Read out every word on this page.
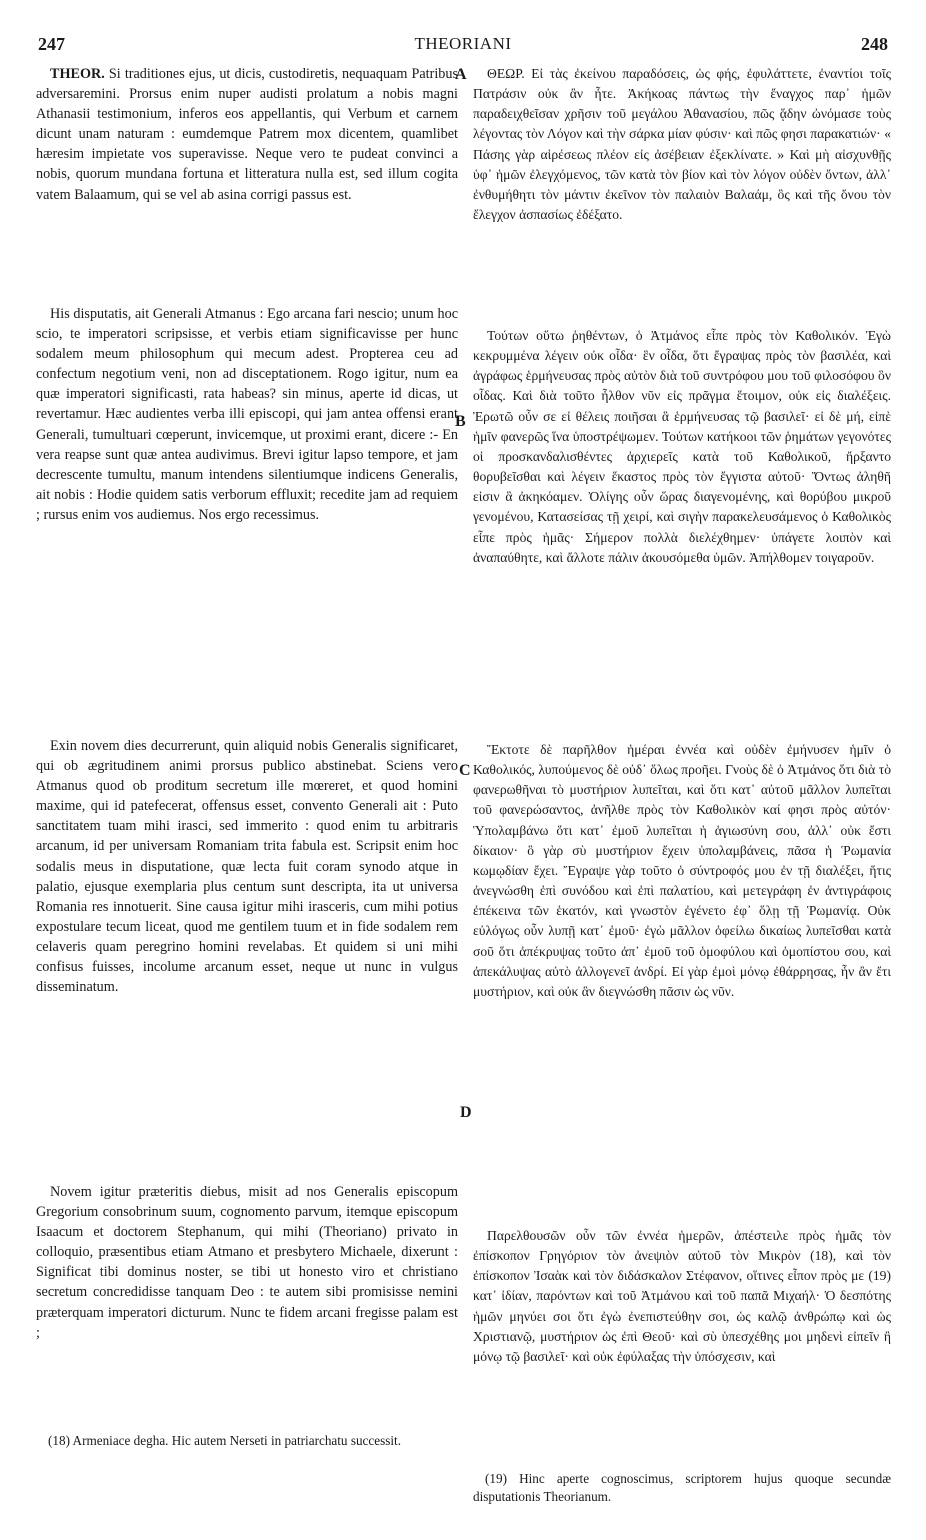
247	THEORIANI	248
A
B
C
D

THEOR. Si traditiones ejus, ut dicis, custodiretis, nequaquam Patribus adversaremini. Prorsus enim nuper audisti prolatum a nobis magni Athanasii testimonium, inferos eos appellantis, qui Verbum et carnem dicunt unam naturam : eumdemque Patrem mox dicentem, quamlibet hæresim impietate vos superavisse. Neque vero te pudeat convinci a nobis, quorum mundana fortuna et litteratura nulla est, sed illum cogita vatem Balaamum, qui se vel ab asina corrigi passus est.

His disputatis, ait Generali Atmanus : Ego arcana fari nescio; unum hoc scio, te imperatori scripsisse, et verbis etiam significavisse per hunc sodalem meum philosophum qui mecum adest. Propterea ceu ad confectum negotium veni, non ad disceptationem. Rogo igitur, num ea quæ imperatori significasti, rata habeas? sin minus, aperte id dicas, ut revertamur. Hæc audientes verba illi episcopi, qui jam antea offensi erant Generali, tumultuari cœperunt, invicemque, ut proximi erant, dicere :- En vera reapse sunt quæ antea audivimus. Brevi igitur lapso tempore, et jam decrescente tumultu, manum intendens silentiumque indicens Generalis, ait nobis : Hodie quidem satis verborum effluxit; recedite jam ad requiem ; rursus enim vos audiemus. Nos ergo recessimus.

Exin novem dies decurrerunt, quin aliquid nobis Generalis significaret, qui ob ægritudinem animi prorsus publico abstinebat. Sciens vero Atmanus quod ob proditum secretum ille mœreret, et quod homini maxime, qui id patefecerat, offensus esset, convento Generali ait : Puto sanctitatem tuam mihi irasci, sed immerito : quod enim tu arbitraris arcanum, id per universam Romaniam trita fabula est. Scripsit enim hoc sodalis meus in disputatione, quæ lecta fuit coram synodo atque in palatio, ejusque exemplaria plus centum sunt descripta, ita ut universa Romania res innotuerit. Sine causa igitur mihi irasceris, cum mihi potius expostulare tecum liceat, quod me gentilem tuum et in fide sodalem rem celaveris quam peregrino homini revelabas. Et quidem si uni mihi confisus fuisses, incolume arcanum esset, neque ut nunc in vulgus disseminatum.

Novem igitur præteritis diebus, misit ad nos Generalis episcopum Gregorium consobrinum suum, cognomento parvum, itemque episcopum Isaacum et doctorem Stephanum, qui mihi (Theoriano) privato in colloquio, præsentibus etiam Atmano et presbytero Michaele, dixerunt : Significat tibi dominus noster, se tibi ut honesto viro et christiano secretum concredidisse tanquam Deo : te autem sibi promisisse nemini præterquam imperatori dicturum. Nunc te fidem arcani fregisse palam est ;

(18) Armeniace degha. Hic autem Nerseti in patriarchatu successit.

ΘΕΩΡ. Εἰ τὰς ἐκείνου παραδόσεις, ὡς φής, ἐφυλάττετε, ἐναντίοι τοῖς Πατράσιν οὐκ ἂν ἦτε. Ἀκήκοας πάντως τὴν ἔναγχος παρ᾽ ἡμῶν παραδειχθεῖσαν χρῆσιν τοῦ μεγάλου Ἀθανασίου, πῶς ᾅδην ὠνόμασε τοὺς λέγοντας τὸν Λόγον καὶ τὴν σάρκα μίαν φύσιν· καὶ πῶς φησι παρακατιών· « Πάσης γὰρ αἱρέσεως πλέον εἰς ἀσέβειαν ἐξεκλίνατε. » Καὶ μὴ αἰσχυνθῇς ὑφ᾽ ἡμῶν ἐλεγχόμενος, τῶν κατὰ τὸν βίον καὶ τὸν λόγον οὐδὲν ὄντων, ἀλλ᾽ ἐνθυμήθητι τὸν μάντιν ἐκεῖνον τὸν παλαιὸν Βαλαάμ, ὃς καὶ τῆς ὄνου τὸν ἔλεγχον ἀσπασίως ἐδέξατο.

Τούτων οὕτω ῥηθέντων, ὁ Ἀτμάνος εἶπε πρὸς τὸν Καθολικόν. Ἐγὼ κεκρυμμένα λέγειν οὐκ οἶδα· ἓν οἶδα, ὅτι ἔγραψας πρὸς τὸν βασιλέα, καὶ ἀγράφως ἑρμήνευσας πρὸς αὐτὸν διὰ τοῦ συντρόφου μου τοῦ φιλοσόφου ὃν οἶδας. Καὶ διὰ τοῦτο ἦλθον νῦν εἰς πρᾶγμα ἕτοιμον, οὐκ εἰς διαλέξεις. Ἐρωτῶ οὖν σε εἰ θέλεις ποιῆσαι ἃ ἑρμήνευσας τῷ βασιλεῖ· εἰ δὲ μή, εἰπὲ ἡμῖν φανερῶς ἵνα ὑποστρέψωμεν. Τούτων κατήκοοι τῶν ῥημάτων γεγονότες οἱ προσκανδαλισθέντες ἀρχιερεῖς κατὰ τοῦ Καθολικοῦ, ἤρξαντο θορυβεῖσθαι καὶ λέγειν ἕκαστος πρὸς τὸν ἔγγιστα αὐτοῦ· Ὄντως ἀληθῆ εἰσιν ἃ ἀκηκόαμεν. Ὀλίγης οὖν ὥρας διαγενομένης, καὶ θορύβου μικροῦ γενομένου, Κατασείσας τῇ χειρί, καὶ σιγὴν παρακελευσάμενος ὁ Καθολικὸς εἶπε πρὸς ἡμᾶς· Σήμερον πολλὰ διελέχθημεν· ὑπάγετε λοιπὸν καὶ ἀναπαύθητε, καὶ ἄλλοτε πάλιν ἀκουσόμεθα ὑμῶν. Ἀπήλθομεν τοιγαροῦν.

Ἔκτοτε δὲ παρῆλθον ἡμέραι ἐννέα καὶ οὐδὲν ἐμήνυσεν ἡμῖν ὁ Καθολικός, λυπούμενος δὲ οὐδ᾽ ὅλως προῆει. Γνοὺς δὲ ὁ Ἀτμάνος ὅτι διὰ τὸ φανερωθῆναι τὸ μυστήριον λυπεῖται, καὶ ὅτι κατ᾽ αὐτοῦ μᾶλλον λυπεῖται τοῦ φανερώσαντος, ἀνῆλθε πρὸς τὸν Καθολικὸν καί φησι πρὸς αὐτόν· Ὑπολαμβάνω ὅτι κατ᾽ ἐμοῦ λυπεῖται ἡ ἁγιωσύνη σου, ἀλλ᾽ οὐκ ἔστι δίκαιον· ὃ γὰρ σὺ μυστήριον ἔχειν ὑπολαμβάνεις, πᾶσα ἡ Ῥωμανία κωμῳδίαν ἔχει. Ἔγραψε γὰρ τοῦτο ὁ σύντροφός μου ἐν τῇ διαλέξει, ἥτις ἀνεγνώσθη ἐπὶ συνόδου καὶ ἐπὶ παλατίου, καὶ μετεγράφη ἐν ἀντιγράφοις ἐπέκεινα τῶν ἑκατόν, καὶ γνωστὸν ἐγένετο ἐφ᾽ ὅλῃ τῇ Ῥωμανίᾳ. Οὐκ εὐλόγως οὖν λυπῇ κατ᾽ ἐμοῦ· ἐγὼ μᾶλλον ὀφείλω δικαίως λυπεῖσθαι κατὰ σοῦ ὅτι ἀπέκρυψας τοῦτο ἀπ᾽ ἐμοῦ τοῦ ὁμοφύλου καὶ ὁμοπίστου σου, καὶ ἀπεκάλυψας αὐτὸ ἀλλογενεῖ ἀνδρί. Εἰ γὰρ ἐμοὶ μόνῳ ἐθάρρησας, ἦν ἂν ἔτι μυστήριον, καὶ οὐκ ἂν διεγνώσθη πᾶσιν ὡς νῦν.

Παρελθουσῶν οὖν τῶν ἐννέα ἡμερῶν, ἀπέστειλε πρὸς ἡμᾶς τὸν ἐπίσκοπον Γρηγόριον τὸν ἀνεψιὸν αὐτοῦ τὸν Μικρὸν (18), καὶ τὸν ἐπίσκοπον Ἰσαὰκ καὶ τὸν διδάσκαλον Στέφανον, οἵτινες εἶπον πρὸς με (19) κατ᾽ ἰδίαν, παρόντων καὶ τοῦ Ἀτμάνου καὶ τοῦ παπᾶ Μιχαήλ· Ὁ δεσπότης ἡμῶν μηνύει σοι ὅτι ἐγὼ ἐνεπιστεύθην σοι, ὡς καλῷ ἀνθρώπῳ καὶ ὡς Χριστιανῷ, μυστήριον ὡς ἐπὶ Θεοῦ· καὶ σὺ ὑπεσχέθης μοι μηδενὶ εἰπεῖν ἢ μόνῳ τῷ βασιλεῖ· καὶ οὐκ ἐφύλαξας τὴν ὑπόσχεσιν, καὶ

(19) Hinc aperte cognoscimus, scriptorem hujus quoque secundæ disputationis Theorianum.
